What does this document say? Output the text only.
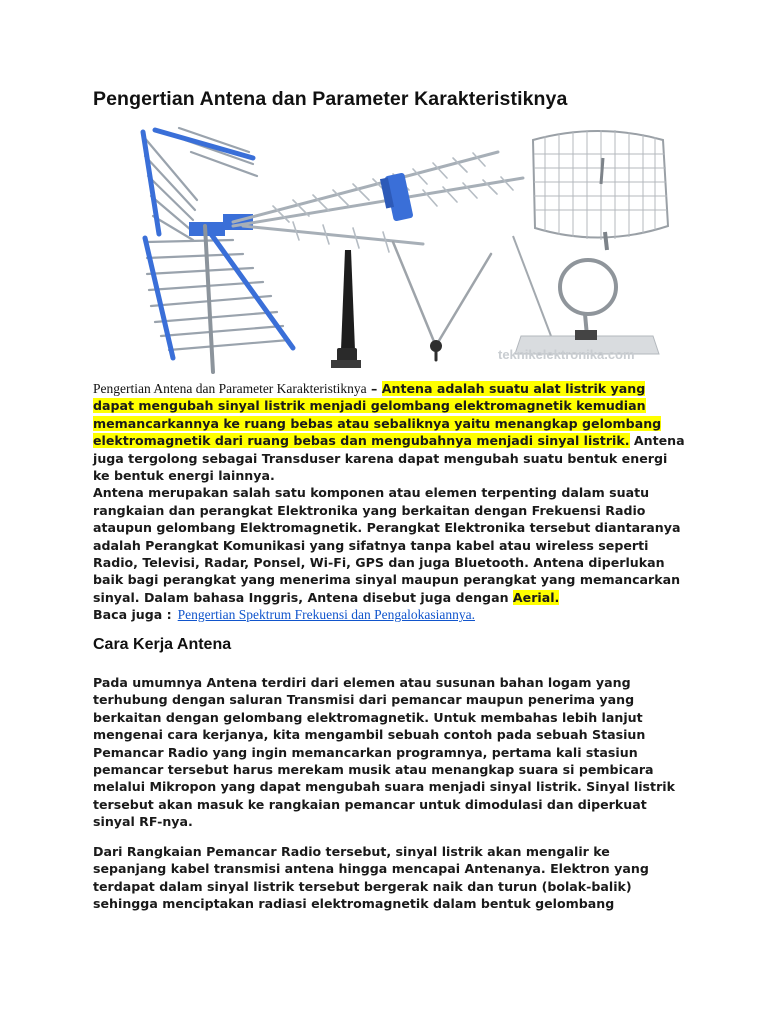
Pengertian Antena dan Parameter Karakteristiknya
teknikelektronika.com
Pengertian Antena dan Parameter Karakteristiknya – Antena adalah suatu alat listrik yang dapat mengubah sinyal listrik menjadi gelombang elektromagnetik kemudian memancarkannya ke ruang bebas atau sebaliknya yaitu menangkap gelombang elektromagnetik dari ruang bebas dan mengubahnya menjadi sinyal listrik. Antena juga tergolong sebagai Transduser karena dapat mengubah suatu bentuk energi ke bentuk energi lainnya.
Antena merupakan salah satu komponen atau elemen terpenting dalam suatu rangkaian dan perangkat Elektronika yang berkaitan dengan Frekuensi Radio ataupun gelombang Elektromagnetik. Perangkat Elektronika tersebut diantaranya adalah Perangkat Komunikasi yang sifatnya tanpa kabel atau wireless seperti Radio, Televisi, Radar, Ponsel, Wi-Fi, GPS dan juga Bluetooth. Antena diperlukan baik bagi perangkat yang menerima sinyal maupun perangkat yang memancarkan sinyal. Dalam bahasa Inggris, Antena disebut juga dengan Aerial.
Baca juga : Pengertian Spektrum Frekuensi dan Pengalokasiannya.
Cara Kerja Antena
Pada umumnya Antena terdiri dari elemen atau susunan bahan logam yang terhubung dengan saluran Transmisi dari pemancar maupun penerima yang berkaitan dengan gelombang elektromagnetik. Untuk membahas lebih lanjut mengenai cara kerjanya, kita mengambil sebuah contoh pada sebuah Stasiun Pemancar Radio yang ingin memancarkan programnya, pertama kali stasiun pemancar tersebut harus merekam musik atau menangkap suara si pembicara melalui Mikropon yang dapat mengubah suara menjadi sinyal listrik. Sinyal listrik tersebut akan masuk ke rangkaian pemancar untuk dimodulasi dan diperkuat sinyal RF-nya.
Dari Rangkaian Pemancar Radio tersebut, sinyal listrik akan mengalir ke sepanjang kabel transmisi antena hingga mencapai Antenanya. Elektron yang terdapat dalam sinyal listrik tersebut bergerak naik dan turun (bolak-balik) sehingga menciptakan radiasi elektromagnetik dalam bentuk gelombang
